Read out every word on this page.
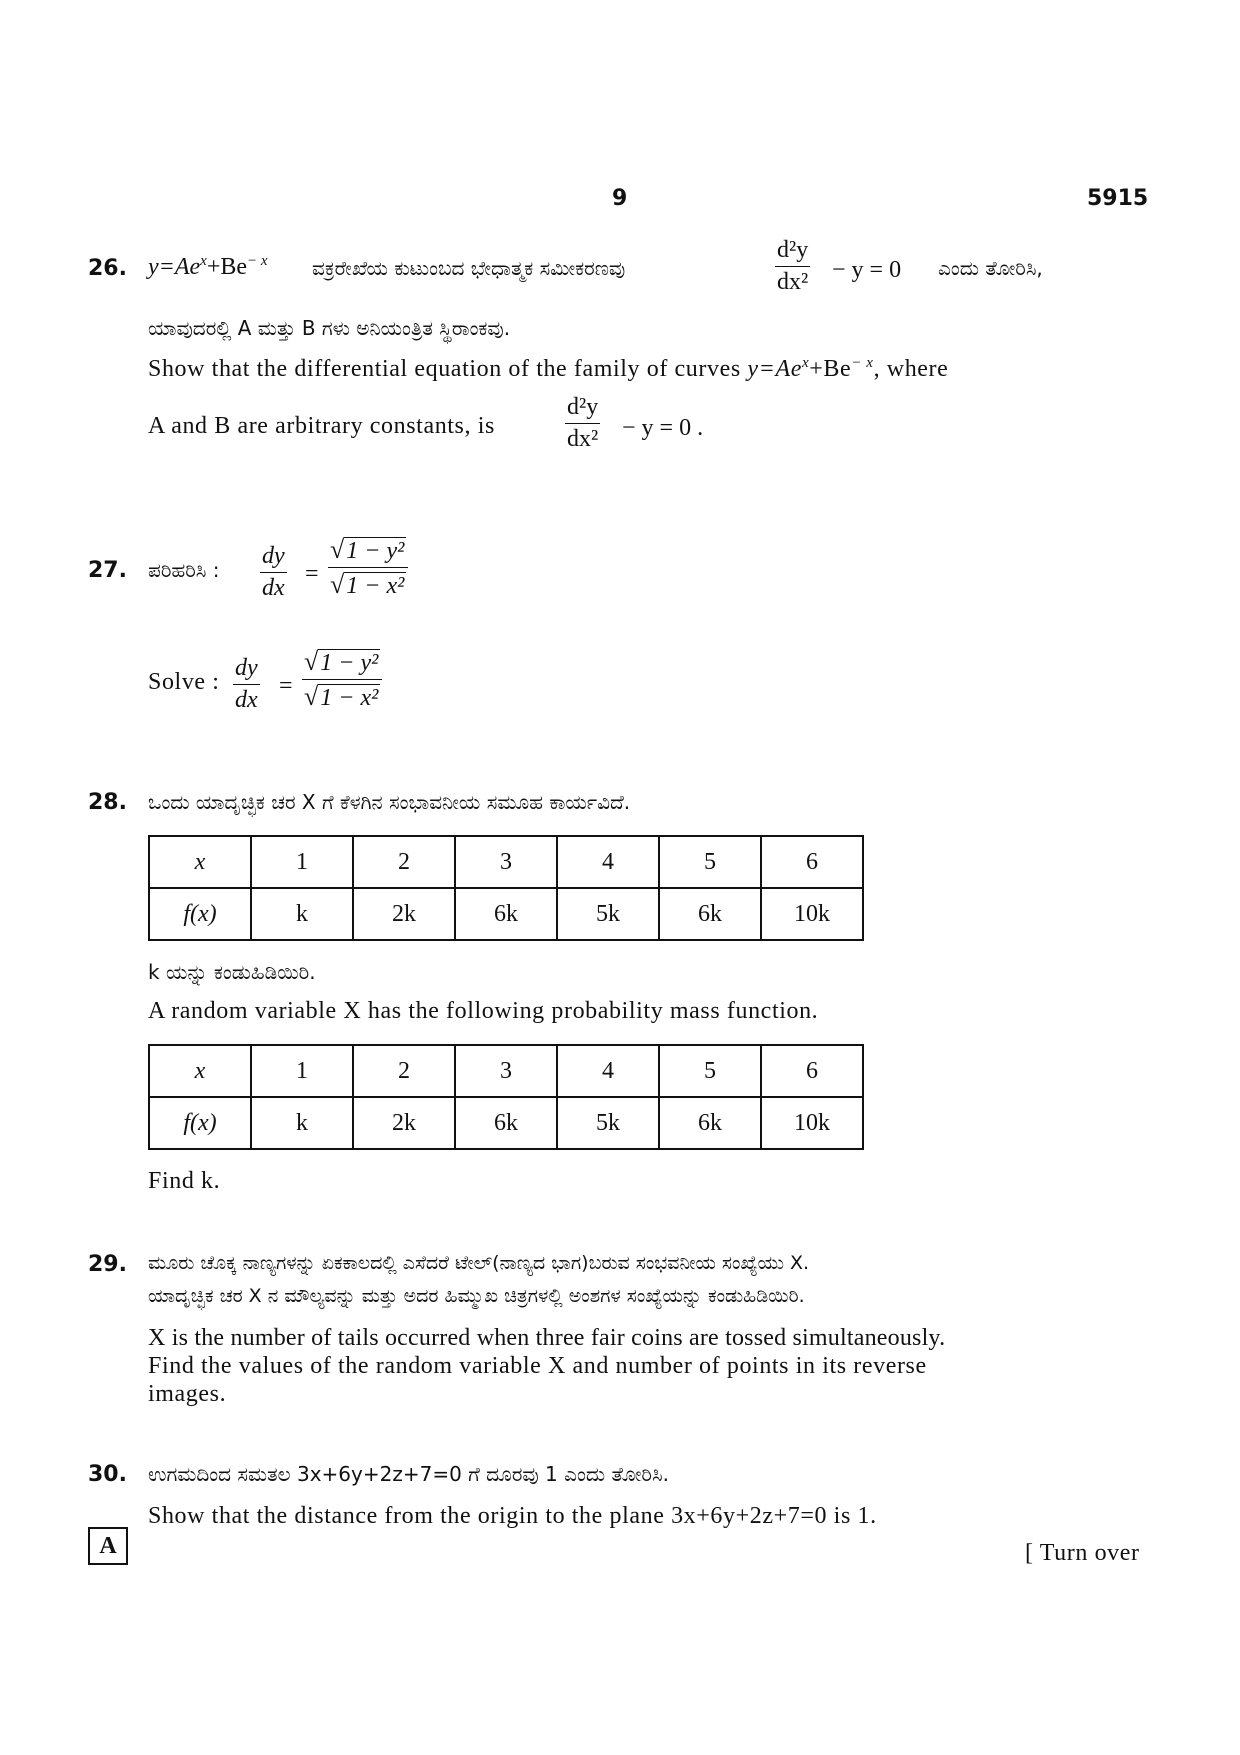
9	5915
26. $y=Ae^x+Be^{- x}$ ವಕ್ರರೇಖೆಯ ಕುಟುಂಬದ ಭೇಧಾತ್ಮಕ ಸಮೀಕರಣವು
d²y
dx² − y = 0 ಎಂದು ತೋರಿಸಿ,
ಯಾವುದರಲ್ಲಿ A ಮತ್ತು B ಗಳು ಅನಿಯಂತ್ರಿತ ಸ್ಥಿರಾಂಕವು.
Show that the differential equation of the family of curves $y=Ae^x+Be^{- x}$, where
A and B are arbitrary constants, is
d²y
dx² − y = 0 .
27. ಪರಿಹರಿಸಿ :
dy
dx
=
√1 − y²
√1 − x²
Solve :
dy
dx
=
√1 − y²
√1 − x²
28. ಒಂದು ಯಾದೃಚ್ಛಿಕ ಚರ X ಗೆ ಕೆಳಗಿನ ಸಂಭಾವನೀಯ ಸಮೂಹ ಕಾರ್ಯವಿದೆ.
x	1	2	3	4	5	6
f(x)	k	2k	6k	5k	6k	10k
k ಯನ್ನು ಕಂಡುಹಿಡಿಯಿರಿ.
A random variable X has the following probability mass function.
x	1	2	3	4	5	6
f(x)	k	2k	6k	5k	6k	10k
Find k.
29. ಮೂರು ಚೊಕ್ಕ ನಾಣ್ಯಗಳನ್ನು ಏಕಕಾಲದಲ್ಲಿ ಎಸೆದರೆ ಟೇಲ್(ನಾಣ್ಯದ ಭಾಗ)ಬರುವ ಸಂಭವನೀಯ ಸಂಖ್ಯೆಯು X.
ಯಾದೃಚ್ಛಿಕ ಚರ X ನ ಮೌಲ್ಯವನ್ನು ಮತ್ತು ಅದರ ಹಿಮ್ಮುಖ ಚಿತ್ರಗಳಲ್ಲಿ ಅಂಶಗಳ ಸಂಖ್ಯೆಯನ್ನು ಕಂಡುಹಿಡಿಯಿರಿ.
X is the number of tails occurred when three fair coins are tossed simultaneously.
Find the values of the random variable X and number of points in its reverse
images.
30. ಉಗಮದಿಂದ ಸಮತಲ 3x+6y+2z+7=0 ಗೆ ದೂರವು 1 ಎಂದು ತೋರಿಸಿ.
Show that the distance from the origin to the plane 3x+6y+2z+7=0 is 1.
A	[ Turn over
